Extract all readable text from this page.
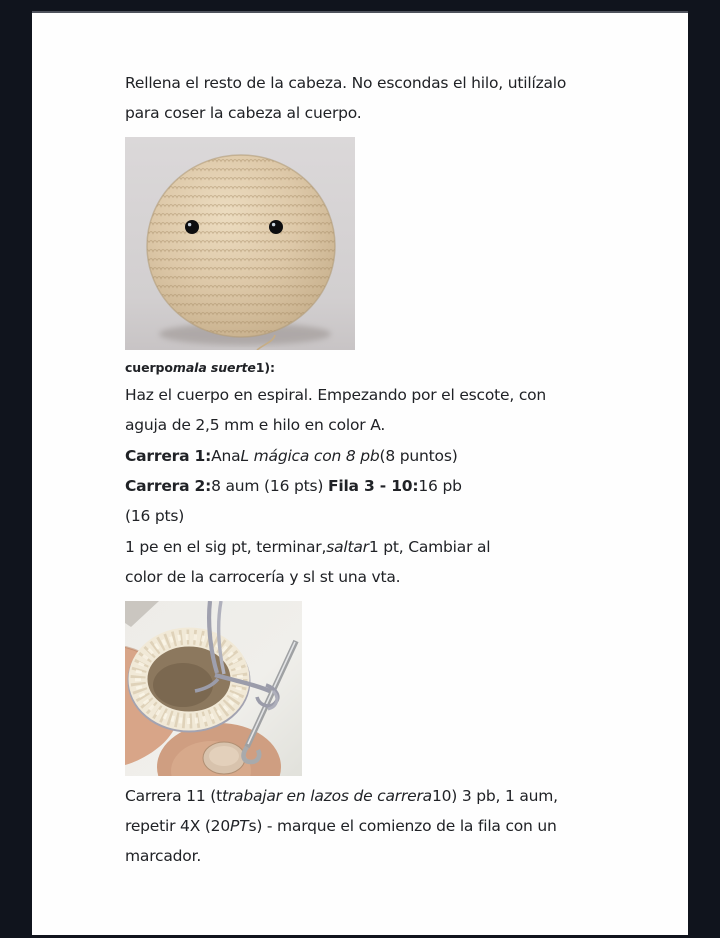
Rellena el resto de la cabeza. No escondas el hilo, utilízalo
para coser la cabeza al cuerpo.
cuerpomala suerte1):
Haz el cuerpo en espiral. Empezando por el escote, con
aguja de 2,5 mm e hilo en color A.
Carrera 1:AnaL mágica con 8 pb(8 puntos)
Carrera 2:8 aum (16 pts) Fila 3 - 10:16 pb
(16 pts)
1 pe en el sig pt, terminar,saltar1 pt, Cambiar al
color de la carrocería y sl st una vta.
Carrera 11 (ttrabajar en lazos de carrera10) 3 pb, 1 aum,
repetir 4X (20PTs) - marque el comienzo de la fila con un
marcador.
